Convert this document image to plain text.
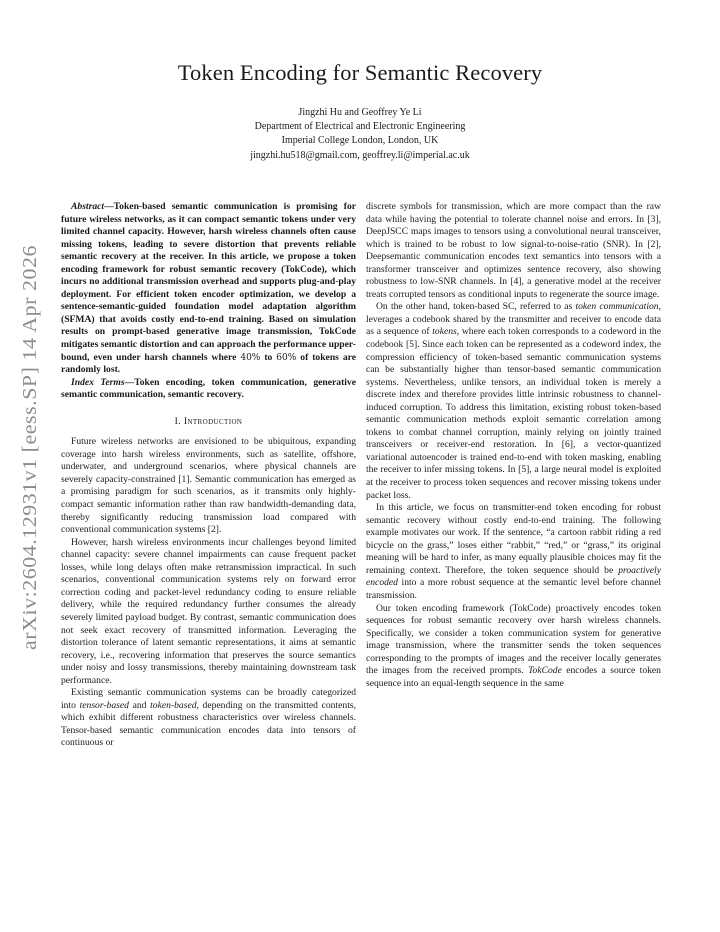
arXiv:2604.12931v1 [eess.SP] 14 Apr 2026
Token Encoding for Semantic Recovery
Jingzhi Hu and Geoffrey Ye Li
Department of Electrical and Electronic Engineering
Imperial College London, London, UK
jingzhi.hu518@gmail.com, geoffrey.li@imperial.ac.uk

Abstract—Token-based semantic communication is promising for future wireless networks, as it can compact semantic tokens under very limited channel capacity. However, harsh wireless channels often cause missing tokens, leading to severe distortion that prevents reliable semantic recovery at the receiver. In this article, we propose a token encoding framework for robust semantic recovery (TokCode), which incurs no additional transmission overhead and supports plug-and-play deployment. For efficient token encoder optimization, we develop a sentence-semantic-guided foundation model adaptation algorithm (SFMA) that avoids costly end-to-end training. Based on simulation results on prompt-based generative image transmission, TokCode mitigates semantic distortion and can approach the performance upper-bound, even under harsh channels where 40% to 60% of tokens are randomly lost.

Index Terms—Token encoding, token communication, generative semantic communication, semantic recovery.

I. Introduction

Future wireless networks are envisioned to be ubiquitous, expanding coverage into harsh wireless environments, such as satellite, offshore, underwater, and underground scenarios, where physical channels are severely capacity-constrained [1]. Semantic communication has emerged as a promising paradigm for such scenarios, as it transmits only highly-compact semantic information rather than raw bandwidth-demanding data, thereby significantly reducing transmission load compared with conventional communication systems [2].

However, harsh wireless environments incur challenges beyond limited channel capacity: severe channel impairments can cause frequent packet losses, while long delays often make retransmission impractical. In such scenarios, conventional communication systems rely on forward error correction coding and packet-level redundancy coding to ensure reliable delivery, while the required redundancy further consumes the already severely limited payload budget. By contrast, semantic communication does not seek exact recovery of transmitted information. Leveraging the distortion tolerance of latent semantic representations, it aims at semantic recovery, i.e., recovering information that preserves the source semantics under noisy and lossy transmissions, thereby maintaining downstream task performance.

Existing semantic communication systems can be broadly categorized into tensor-based and token-based, depending on the transmitted contents, which exhibit different robustness characteristics over wireless channels. Tensor-based semantic communication encodes data into tensors of continuous or

discrete symbols for transmission, which are more compact than the raw data while having the potential to tolerate channel noise and errors. In [3], DeepJSCC maps images to tensors using a convolutional neural transceiver, which is trained to be robust to low signal-to-noise-ratio (SNR). In [2], Deepsemantic communication encodes text semantics into tensors with a transformer transceiver and optimizes sentence recovery, also showing robustness to low-SNR channels. In [4], a generative model at the receiver treats corrupted tensors as conditional inputs to regenerate the source image.

On the other hand, token-based SC, referred to as token communication, leverages a codebook shared by the transmitter and receiver to encode data as a sequence of tokens, where each token corresponds to a codeword in the codebook [5]. Since each token can be represented as a codeword index, the compression efficiency of token-based semantic communication systems can be substantially higher than tensor-based semantic communication systems. Nevertheless, unlike tensors, an individual token is merely a discrete index and therefore provides little intrinsic robustness to channel-induced corruption. To address this limitation, existing robust token-based semantic communication methods exploit semantic correlation among tokens to combat channel corruption, mainly relying on jointly trained transceivers or receiver-end restoration. In [6], a vector-quantized variational autoencoder is trained end-to-end with token masking, enabling the receiver to infer missing tokens. In [5], a large neural model is exploited at the receiver to process token sequences and recover missing tokens under packet loss.

In this article, we focus on transmitter-end token encoding for robust semantic recovery without costly end-to-end training. The following example motivates our work. If the sentence, “a cartoon rabbit riding a red bicycle on the grass,” loses either “rabbit,” “red,” or “grass,” its original meaning will be hard to infer, as many equally plausible choices may fit the remaining context. Therefore, the token sequence should be proactively encoded into a more robust sequence at the semantic level before channel transmission.

Our token encoding framework (TokCode) proactively encodes token sequences for robust semantic recovery over harsh wireless channels. Specifically, we consider a token communication system for generative image transmission, where the transmitter sends the token sequences corresponding to the prompts of images and the receiver locally generates the images from the received prompts. TokCode encodes a source token sequence into an equal-length sequence in the same
